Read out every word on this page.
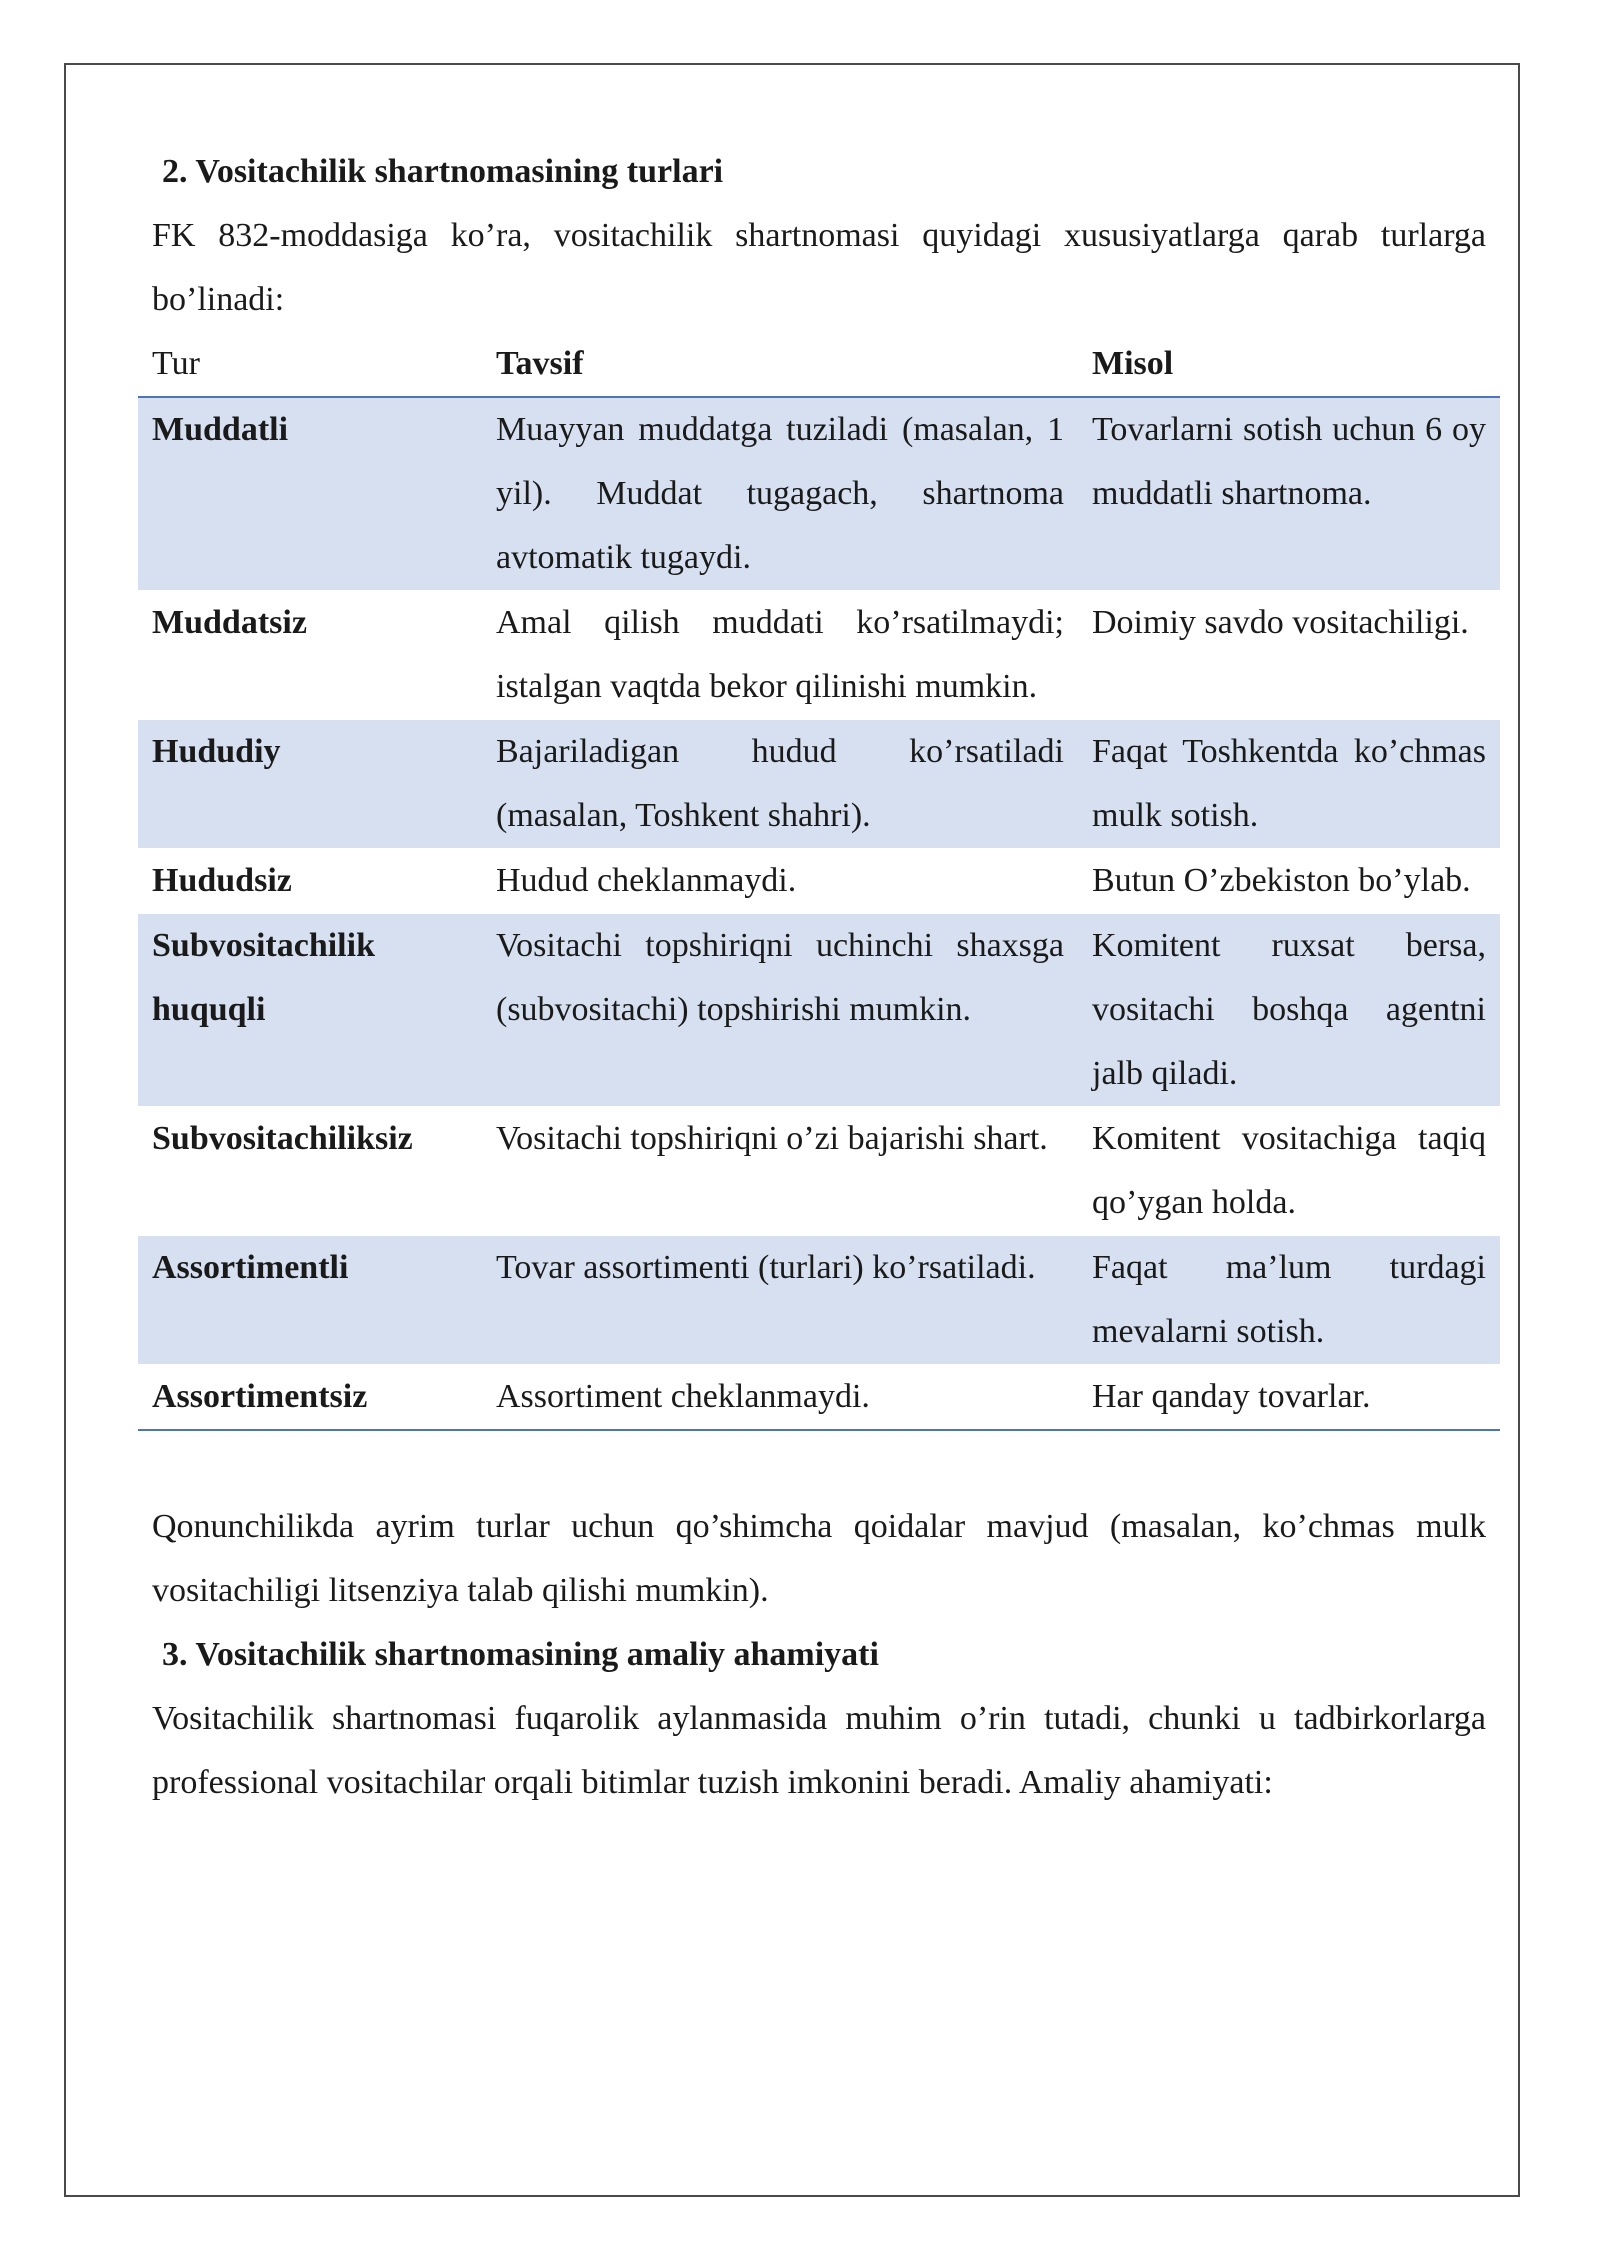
2. Vositachilik shartnomasining turlari

FK 832-moddasiga ko’ra, vositachilik shartnomasi quyidagi xususiyatlarga qarab turlarga bo’linadi:

Tur	Tavsif	Misol
Muddatli	Muayyan muddatga tuziladi (masalan, 1 yil). Muddat tugagach, shartnoma avtomatik tugaydi.	Tovarlarni sotish uchun 6 oy muddatli shartnoma.
Muddatsiz	Amal qilish muddati ko’rsatilmaydi; istalgan vaqtda bekor qilinishi mumkin.	Doimiy savdo vositachiligi.
Hududiy	Bajariladigan hudud ko’rsatiladi (masalan, Toshkent shahri).	Faqat Toshkentda ko’chmas mulk sotish.
Hududsiz	Hudud cheklanmaydi.	Butun O’zbekiston bo’ylab.
Subvositachilik huquqli	Vositachi topshiriqni uchinchi shaxsga (subvositachi) topshirishi mumkin.	Komitent ruxsat bersa, vositachi boshqa agentni jalb qiladi.
Subvositachiliksiz	Vositachi topshiriqni o’zi bajarishi shart.	Komitent vositachiga taqiq qo’ygan holda.
Assortimentli	Tovar assortimenti (turlari) ko’rsatiladi.	Faqat ma’lum turdagi mevalarni sotish.
Assortimentsiz	Assortiment cheklanmaydi.	Har qanday tovarlar.

Qonunchilikda ayrim turlar uchun qo’shimcha qoidalar mavjud (masalan, ko’chmas mulk vositachiligi litsenziya talab qilishi mumkin).

3. Vositachilik shartnomasining amaliy ahamiyati

Vositachilik shartnomasi fuqarolik aylanmasida muhim o’rin tutadi, chunki u tadbirkorlarga professional vositachilar orqali bitimlar tuzish imkonini beradi. Amaliy ahamiyati:
